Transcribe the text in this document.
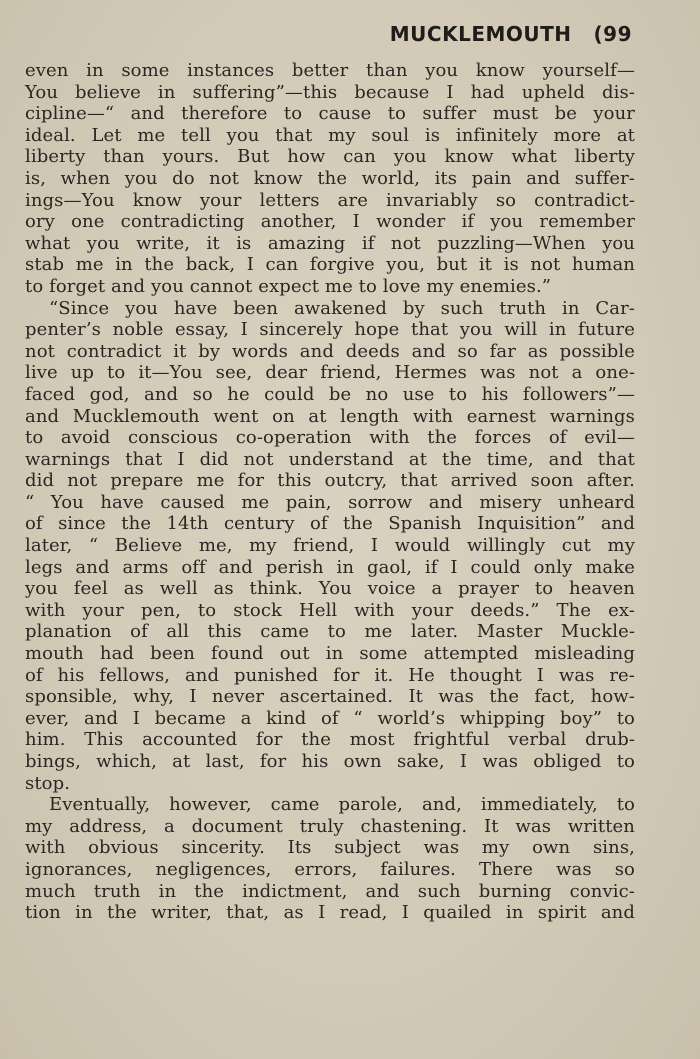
MUCKLEMOUTH (99
even in some instances better than you know yourself—
You believe in suffering”—this because I had upheld dis-
cipline—“ and therefore to cause to suffer must be your
ideal. Let me tell you that my soul is infinitely more at
liberty than yours. But how can you know what liberty
is, when you do not know the world, its pain and suffer-
ings—You know your letters are invariably so contradict-
ory one contradicting another, I wonder if you remember
what you write, it is amazing if not puzzling—When you
stab me in the back, I can forgive you, but it is not human
to forget and you cannot expect me to love my enemies.”
“Since you have been awakened by such truth in Car-
penter’s noble essay, I sincerely hope that you will in future
not contradict it by words and deeds and so far as possible
live up to it—You see, dear friend, Hermes was not a one-
faced god, and so he could be no use to his followers”—
and Mucklemouth went on at length with earnest warnings
to avoid conscious co-operation with the forces of evil—
warnings that I did not understand at the time, and that
did not prepare me for this outcry, that arrived soon after.
“ You have caused me pain, sorrow and misery unheard
of since the 14th century of the Spanish Inquisition” and
later, “ Believe me, my friend, I would willingly cut my
legs and arms off and perish in gaol, if I could only make
you feel as well as think. You voice a prayer to heaven
with your pen, to stock Hell with your deeds.” The ex-
planation of all this came to me later. Master Muckle-
mouth had been found out in some attempted misleading
of his fellows, and punished for it. He thought I was re-
sponsible, why, I never ascertained. It was the fact, how-
ever, and I became a kind of “ world’s whipping boy” to
him. This accounted for the most frightful verbal drub-
bings, which, at last, for his own sake, I was obliged to
stop.
Eventually, however, came parole, and, immediately, to
my address, a document truly chastening. It was written
with obvious sincerity. Its subject was my own sins,
ignorances, negligences, errors, failures. There was so
much truth in the indictment, and such burning convic-
tion in the writer, that, as I read, I quailed in spirit and
